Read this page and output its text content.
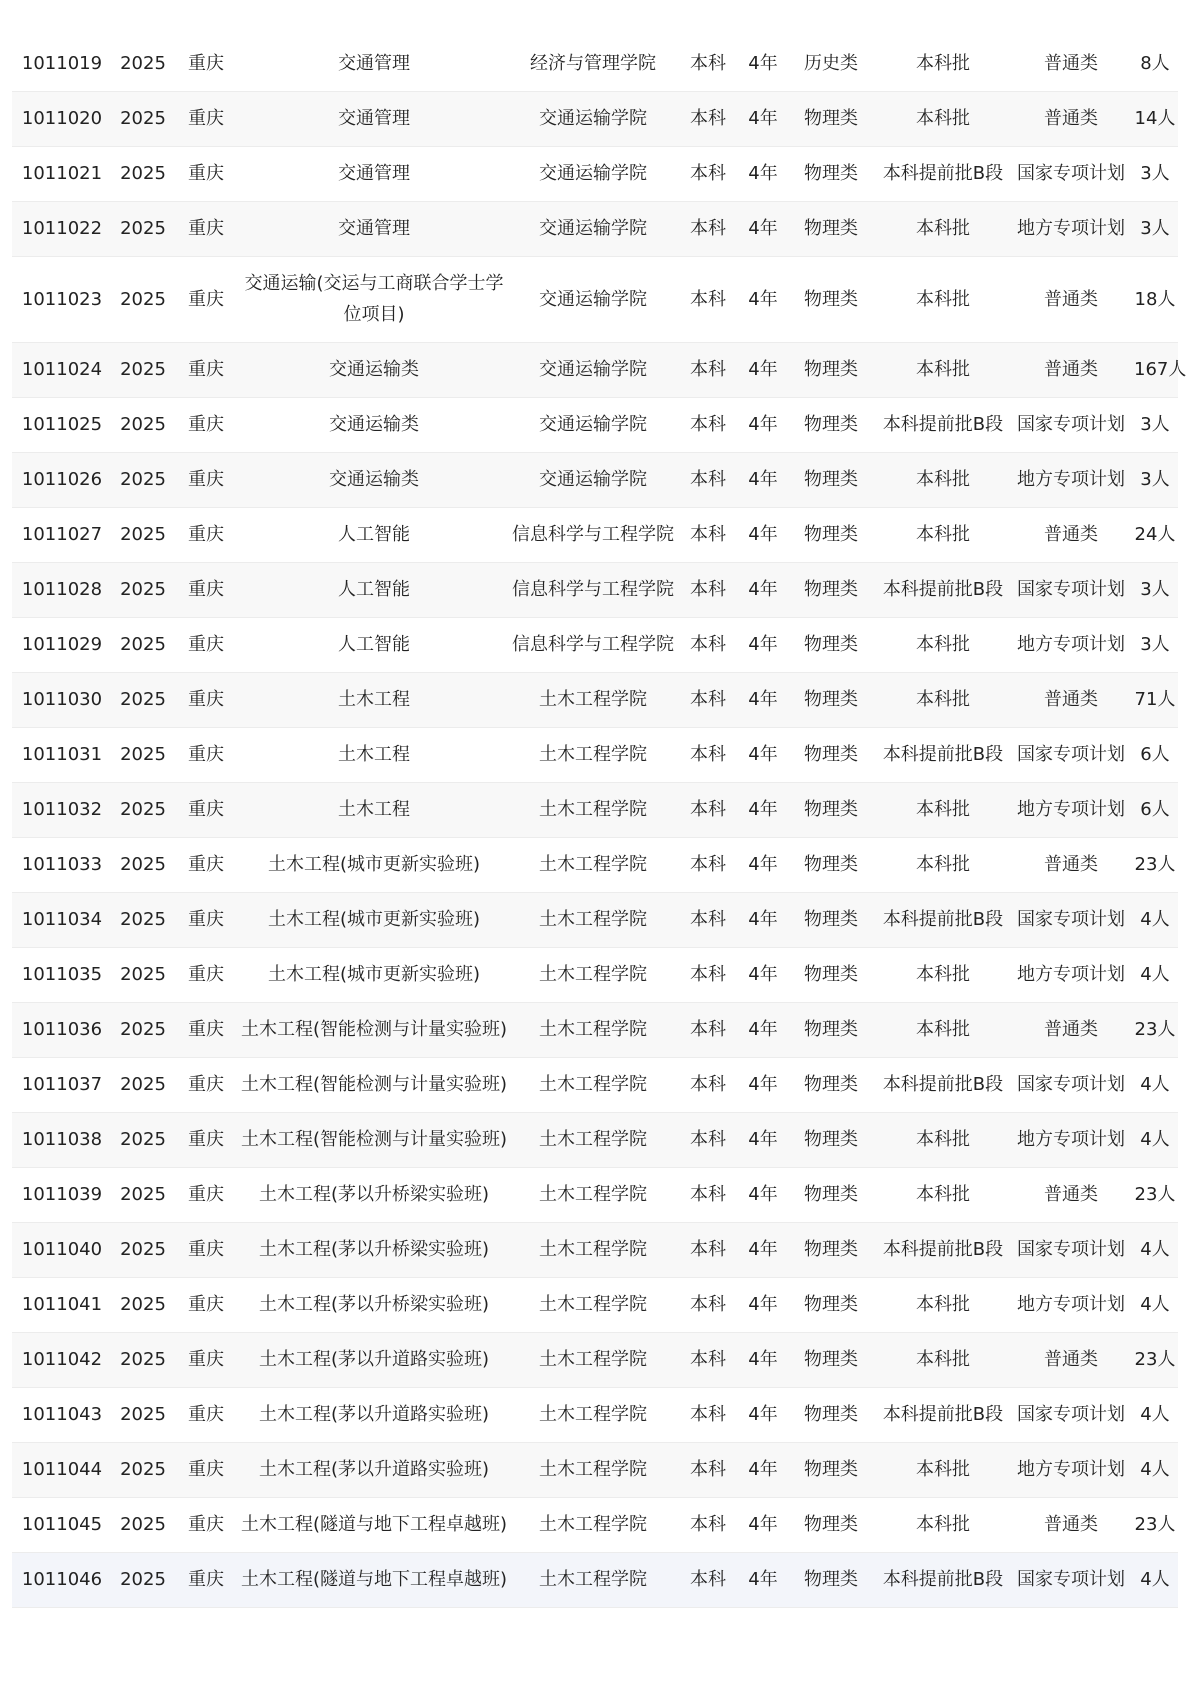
1011019	2025	重庆	交通管理	经济与管理学院	本科	4年	历史类	本科批	普通类	8人
1011020	2025	重庆	交通管理	交通运输学院	本科	4年	物理类	本科批	普通类	14人
1011021	2025	重庆	交通管理	交通运输学院	本科	4年	物理类	本科提前批B段	国家专项计划	3人
1011022	2025	重庆	交通管理	交通运输学院	本科	4年	物理类	本科批	地方专项计划	3人
1011023	2025	重庆	交通运输(交运与工商联合学士学位项目)	交通运输学院	本科	4年	物理类	本科批	普通类	18人
1011024	2025	重庆	交通运输类	交通运输学院	本科	4年	物理类	本科批	普通类	167人
1011025	2025	重庆	交通运输类	交通运输学院	本科	4年	物理类	本科提前批B段	国家专项计划	3人
1011026	2025	重庆	交通运输类	交通运输学院	本科	4年	物理类	本科批	地方专项计划	3人
1011027	2025	重庆	人工智能	信息科学与工程学院	本科	4年	物理类	本科批	普通类	24人
1011028	2025	重庆	人工智能	信息科学与工程学院	本科	4年	物理类	本科提前批B段	国家专项计划	3人
1011029	2025	重庆	人工智能	信息科学与工程学院	本科	4年	物理类	本科批	地方专项计划	3人
1011030	2025	重庆	土木工程	土木工程学院	本科	4年	物理类	本科批	普通类	71人
1011031	2025	重庆	土木工程	土木工程学院	本科	4年	物理类	本科提前批B段	国家专项计划	6人
1011032	2025	重庆	土木工程	土木工程学院	本科	4年	物理类	本科批	地方专项计划	6人
1011033	2025	重庆	土木工程(城市更新实验班)	土木工程学院	本科	4年	物理类	本科批	普通类	23人
1011034	2025	重庆	土木工程(城市更新实验班)	土木工程学院	本科	4年	物理类	本科提前批B段	国家专项计划	4人
1011035	2025	重庆	土木工程(城市更新实验班)	土木工程学院	本科	4年	物理类	本科批	地方专项计划	4人
1011036	2025	重庆	土木工程(智能检测与计量实验班)	土木工程学院	本科	4年	物理类	本科批	普通类	23人
1011037	2025	重庆	土木工程(智能检测与计量实验班)	土木工程学院	本科	4年	物理类	本科提前批B段	国家专项计划	4人
1011038	2025	重庆	土木工程(智能检测与计量实验班)	土木工程学院	本科	4年	物理类	本科批	地方专项计划	4人
1011039	2025	重庆	土木工程(茅以升桥梁实验班)	土木工程学院	本科	4年	物理类	本科批	普通类	23人
1011040	2025	重庆	土木工程(茅以升桥梁实验班)	土木工程学院	本科	4年	物理类	本科提前批B段	国家专项计划	4人
1011041	2025	重庆	土木工程(茅以升桥梁实验班)	土木工程学院	本科	4年	物理类	本科批	地方专项计划	4人
1011042	2025	重庆	土木工程(茅以升道路实验班)	土木工程学院	本科	4年	物理类	本科批	普通类	23人
1011043	2025	重庆	土木工程(茅以升道路实验班)	土木工程学院	本科	4年	物理类	本科提前批B段	国家专项计划	4人
1011044	2025	重庆	土木工程(茅以升道路实验班)	土木工程学院	本科	4年	物理类	本科批	地方专项计划	4人
1011045	2025	重庆	土木工程(隧道与地下工程卓越班)	土木工程学院	本科	4年	物理类	本科批	普通类	23人
1011046	2025	重庆	土木工程(隧道与地下工程卓越班)	土木工程学院	本科	4年	物理类	本科提前批B段	国家专项计划	4人
